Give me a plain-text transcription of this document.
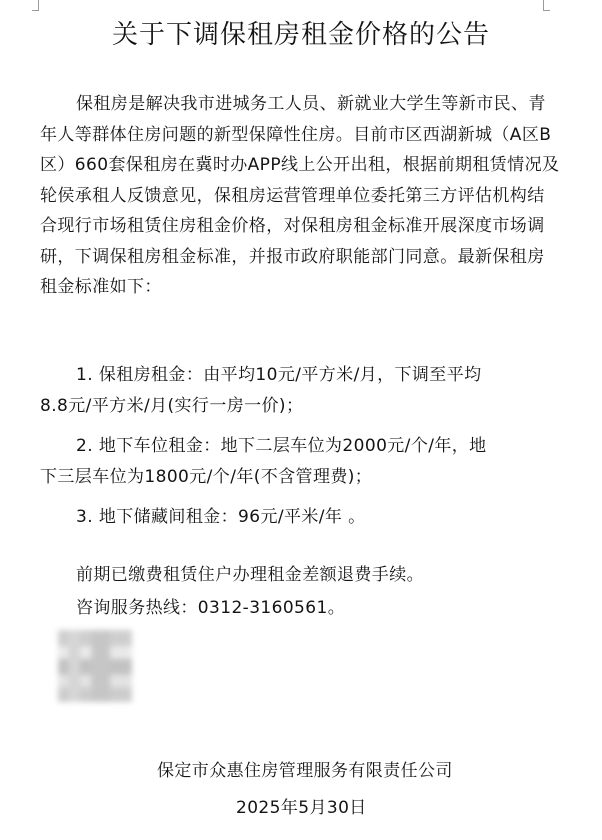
关于下调保租房租金价格的公告
保租房是解决我市进城务工人员、新就业大学生等新市民、青年人等群体住房问题的新型保障性住房。目前市区西湖新城（A区B区）660套保租房在冀时办APP线上公开出租，根据前期租赁情况及轮侯承租人反馈意见，保租房运营管理单位委托第三方评估机构结合现行市场租赁住房租金价格，对保租房租金标准开展深度市场调研，下调保租房租金标准，并报市政府职能部门同意。最新保租房租金标准如下：
1. 保租房租金：由平均10元/平方米/月，下调至平均
8.8元/平方米/月(实行一房一价)；
2. 地下车位租金：地下二层车位为2000元/个/年，地
下三层车位为1800元/个/年(不含管理费)；
3. 地下储藏间租金：96元/平米/年 。
前期已缴费租赁住户办理租金差额退费手续。
咨询服务热线：0312-3160561。
保定市众惠住房管理服务有限责任公司
2025年5月30日
